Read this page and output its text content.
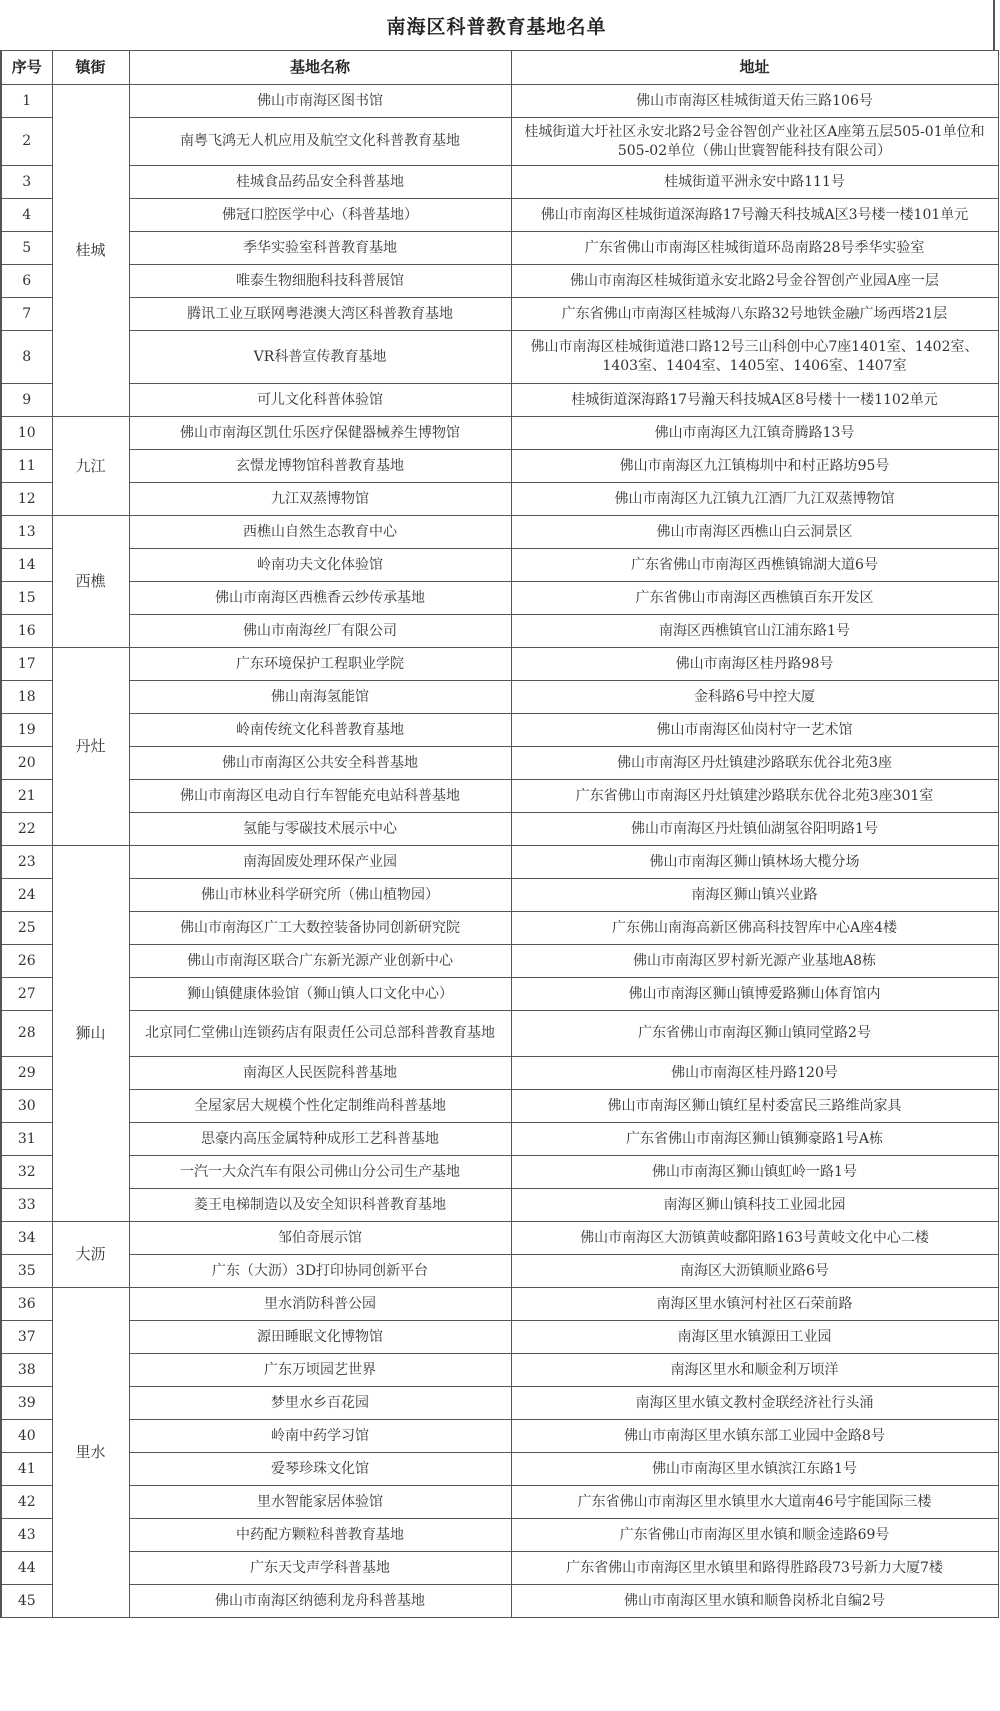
南海区科普教育基地名单
序号	镇街	基地名称	地址
1	桂城	佛山市南海区图书馆	佛山市南海区桂城街道天佑三路106号
2		南粤飞鸿无人机应用及航空文化科普教育基地	桂城街道大圩社区永安北路2号金谷智创产业社区A座第五层505-01单位和505-02单位（佛山世寰智能科技有限公司）
3		桂城食品药品安全科普基地	桂城街道平洲永安中路111号
4		佛冠口腔医学中心（科普基地）	佛山市南海区桂城街道深海路17号瀚天科技城A区3号楼一楼101单元
5		季华实验室科普教育基地	广东省佛山市南海区桂城街道环岛南路28号季华实验室
6		唯泰生物细胞科技科普展馆	佛山市南海区桂城街道永安北路2号金谷智创产业园A座一层
7		腾讯工业互联网粤港澳大湾区科普教育基地	广东省佛山市南海区桂城海八东路32号地铁金融广场西塔21层
8		VR科普宣传教育基地	佛山市南海区桂城街道港口路12号三山科创中心7座1401室、1402室、1403室、1404室、1405室、1406室、1407室
9		可儿文化科普体验馆	桂城街道深海路17号瀚天科技城A区8号楼十一楼1102单元
10	九江	佛山市南海区凯仕乐医疗保健器械养生博物馆	佛山市南海区九江镇奇腾路13号
11		玄憬龙博物馆科普教育基地	佛山市南海区九江镇梅圳中和村正路坊95号
12		九江双蒸博物馆	佛山市南海区九江镇九江酒厂九江双蒸博物馆
13	西樵	西樵山自然生态教育中心	佛山市南海区西樵山白云洞景区
14		岭南功夫文化体验馆	广东省佛山市南海区西樵镇锦湖大道6号
15		佛山市南海区西樵香云纱传承基地	广东省佛山市南海区西樵镇百东开发区
16		佛山市南海丝厂有限公司	南海区西樵镇官山江浦东路1号
17	丹灶	广东环境保护工程职业学院	佛山市南海区桂丹路98号
18		佛山南海氢能馆	金科路6号中控大厦
19		岭南传统文化科普教育基地	佛山市南海区仙岗村守一艺术馆
20		佛山市南海区公共安全科普基地	佛山市南海区丹灶镇建沙路联东优谷北苑3座
21		佛山市南海区电动自行车智能充电站科普基地	广东省佛山市南海区丹灶镇建沙路联东优谷北苑3座301室
22		氢能与零碳技术展示中心	佛山市南海区丹灶镇仙湖氢谷阳明路1号
23	狮山	南海固废处理环保产业园	佛山市南海区狮山镇林场大榄分场
24		佛山市林业科学研究所（佛山植物园）	南海区狮山镇兴业路
25		佛山市南海区广工大数控装备协同创新研究院	广东佛山南海高新区佛高科技智库中心A座4楼
26		佛山市南海区联合广东新光源产业创新中心	佛山市南海区罗村新光源产业基地A8栋
27		狮山镇健康体验馆（狮山镇人口文化中心）	佛山市南海区狮山镇博爱路狮山体育馆内
28		北京同仁堂佛山连锁药店有限责任公司总部科普教育基地	广东省佛山市南海区狮山镇同堂路2号
29		南海区人民医院科普基地	佛山市南海区桂丹路120号
30		全屋家居大规模个性化定制维尚科普基地	佛山市南海区狮山镇红星村委富民三路维尚家具
31		思豪内高压金属特种成形工艺科普基地	广东省佛山市南海区狮山镇狮豪路1号A栋
32		一汽一大众汽车有限公司佛山分公司生产基地	佛山市南海区狮山镇虹岭一路1号
33		菱王电梯制造以及安全知识科普教育基地	南海区狮山镇科技工业园北园
34	大沥	邹伯奇展示馆	佛山市南海区大沥镇黄岐鄱阳路163号黄岐文化中心二楼
35		广东（大沥）3D打印协同创新平台	南海区大沥镇顺业路6号
36	里水	里水消防科普公园	南海区里水镇河村社区石荣前路
37		源田睡眠文化博物馆	南海区里水镇源田工业园
38		广东万顷园艺世界	南海区里水和顺金利万顷洋
39		梦里水乡百花园	南海区里水镇文教村金联经济社行头涌
40		岭南中药学习馆	佛山市南海区里水镇东部工业园中金路8号
41		爱琴珍珠文化馆	佛山市南海区里水镇滨江东路1号
42		里水智能家居体验馆	广东省佛山市南海区里水镇里水大道南46号宇能国际三楼
43		中药配方颗粒科普教育基地	广东省佛山市南海区里水镇和顺金逵路69号
44		广东天戈声学科普基地	广东省佛山市南海区里水镇里和路得胜路段73号新力大厦7楼
45		佛山市南海区纳德利龙舟科普基地	佛山市南海区里水镇和顺鲁岗桥北自编2号
